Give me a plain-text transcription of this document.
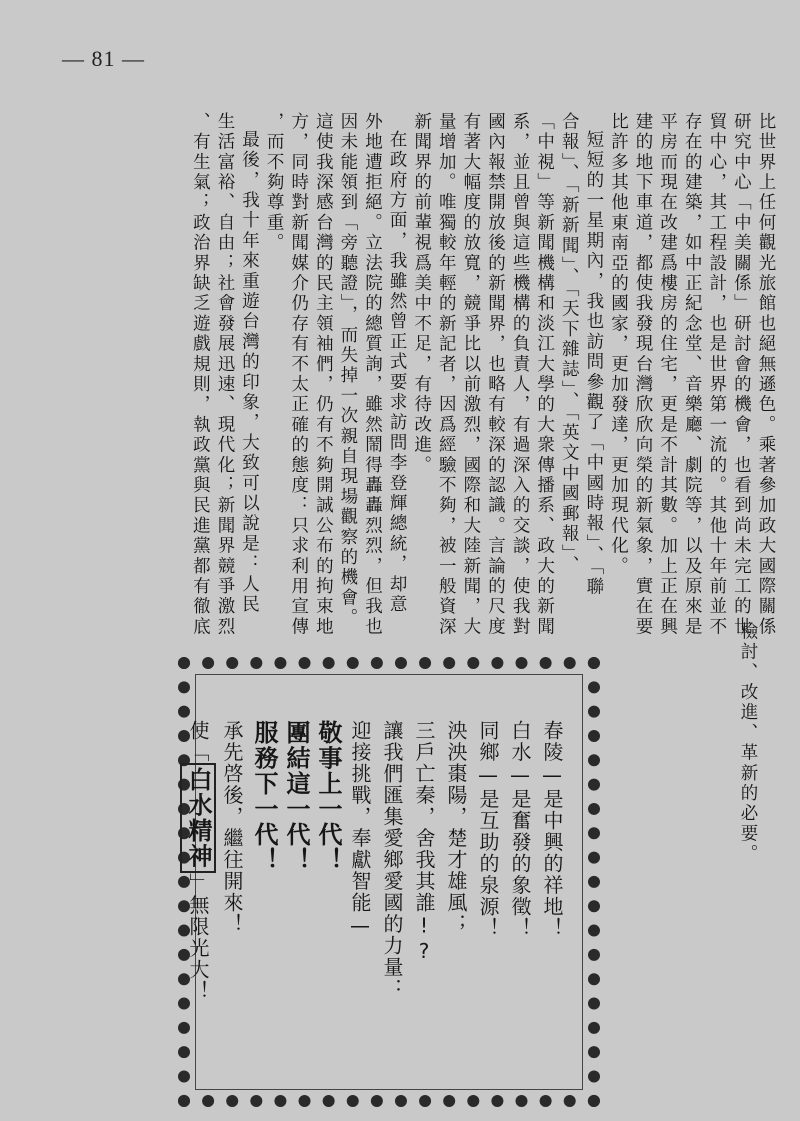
— 81 —
比世界上任何觀光旅館也絕無遜色。乘著參加政大國際關係
研究中心「中美關係」研討會的機會，也看到尚未完工的世
貿中心，其工程設計，也是世界第一流的。其他十年前並不
存在的建築，如中正紀念堂、音樂廳、劇院等，以及原來是
平房而現在改建爲樓房的住宅，更是不計其數。加上正在興
建的地下車道，都使我發現台灣欣欣向榮的新氣象，實在要
比許多其他東南亞的國家，更加發達，更加現代化。
短短的一星期內，我也訪問參觀了「中國時報」、「聯
合報」、「新新聞」、「天下雜誌」、「英文中國郵報」、
「中視」等新聞機構和淡江大學的大衆傳播系、政大的新聞
系，並且曾與這些機構的負責人，有過深入的交談，使我對
國內報禁開放後的新聞界，也略有較深的認識。言論的尺度
有著大幅度的放寬，競爭比以前激烈，國際和大陸新聞，大
量增加。唯獨較年輕的新記者，因爲經驗不夠，被一般資深
新聞界的前輩視爲美中不足，有待改進。
在政府方面，我雖然曾正式要求訪問李登輝總統，却意
外地遭拒絕。立法院的總質詢，雖然鬧得轟轟烈烈，但我也
因未能領到「旁聽證」，而失掉一次親自現場觀察的機會。
這使我深感台灣的民主領袖們，仍有不夠開誠公布的拘束地
方，同時對新聞媒介仍存有不太正確的態度：只求利用宣傳
，而不夠尊重。
最後，我十年來重遊台灣的印象，大致可以說是：人民
生活富裕、自由；社會發展迅速、現代化；新聞界競爭激烈
、有生氣；政治界缺乏遊戲規則，執政黨與民進黨都有徹底
檢討、改進、革新的必要。
春陵—是中興的祥地！
白水—是奮發的象徵！
同鄉—是互助的泉源！
泱泱棗陽，楚才雄風；
三戶亡秦，舍我其誰!?
讓我們匯集愛鄉愛國的力量：
迎接挑戰，奉獻智能—
敬事上一代！
團結這一代！
服務下一代！
承先啓後，繼往開來！
使「白水精神」無限光大！
